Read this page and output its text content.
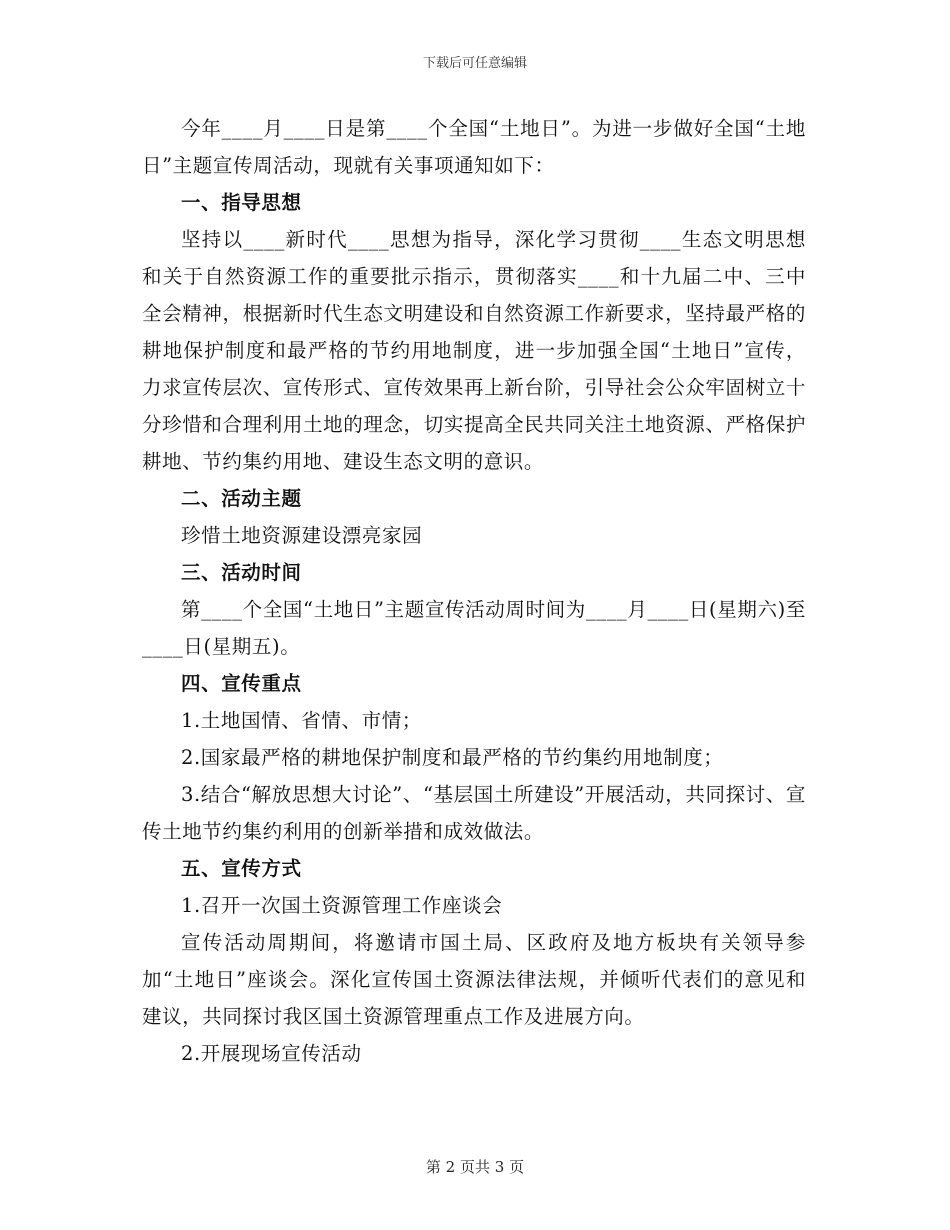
下载后可任意编辑

今年____月____日是第____个全国“土地日”。为进一步做好全国“土地日”主题宣传周活动，现就有关事项通知如下：

一、指导思想

坚持以____新时代____思想为指导，深化学习贯彻____生态文明思想和关于自然资源工作的重要批示指示，贯彻落实____和十九届二中、三中全会精神，根据新时代生态文明建设和自然资源工作新要求，坚持最严格的耕地保护制度和最严格的节约用地制度，进一步加强全国“土地日”宣传，力求宣传层次、宣传形式、宣传效果再上新台阶，引导社会公众牢固树立十分珍惜和合理利用土地的理念，切实提高全民共同关注土地资源、严格保护耕地、节约集约用地、建设生态文明的意识。

二、活动主题

珍惜土地资源建设漂亮家园

三、活动时间

第____个全国“土地日”主题宣传活动周时间为____月____日(星期六)至____日(星期五)。

四、宣传重点

1.土地国情、省情、市情；

2.国家最严格的耕地保护制度和最严格的节约集约用地制度；

3.结合“解放思想大讨论”、“基层国土所建设”开展活动，共同探讨、宣传土地节约集约利用的创新举措和成效做法。

五、宣传方式

1.召开一次国土资源管理工作座谈会

宣传活动周期间，将邀请市国土局、区政府及地方板块有关领导参加“土地日”座谈会。深化宣传国土资源法律法规，并倾听代表们的意见和建议，共同探讨我区国土资源管理重点工作及进展方向。

2.开展现场宣传活动

第 2 页共 3 页
